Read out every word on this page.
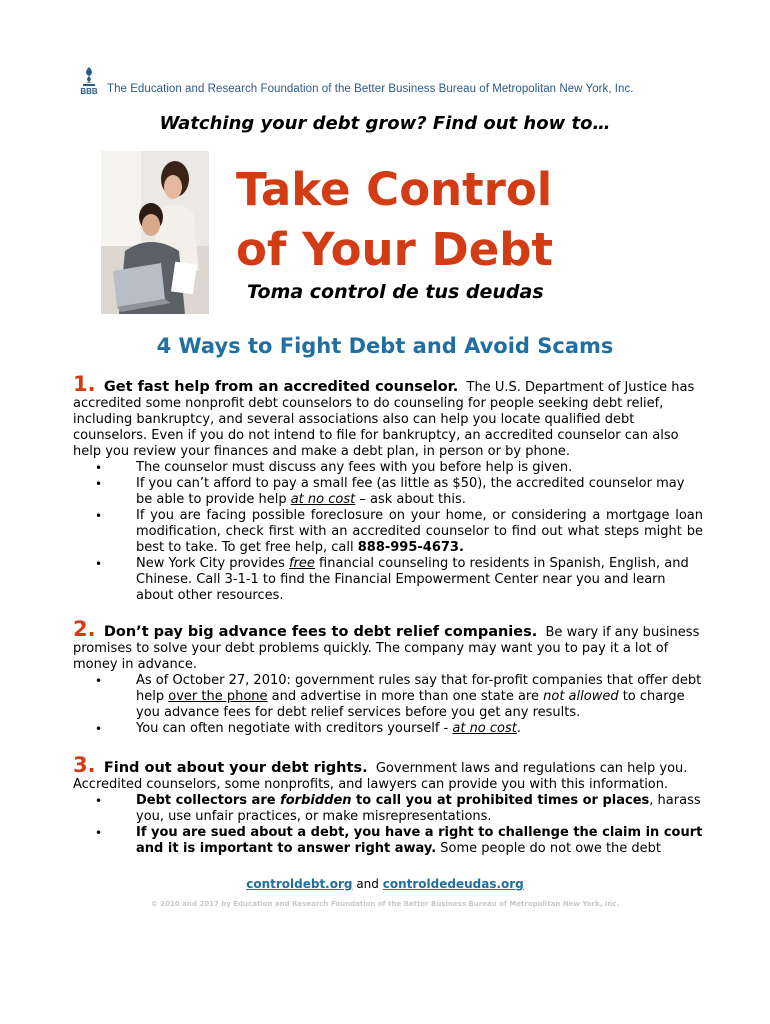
BBB The Education and Research Foundation of the Better Business Bureau of Metropolitan New York, Inc.
Watching your debt grow? Find out how to…
Take Control
of Your Debt
Toma control de tus deudas
4 Ways to Fight Debt and Avoid Scams

1. Get fast help from an accredited counselor. The U.S. Department of Justice has accredited some nonprofit debt counselors to do counseling for people seeking debt relief, including bankruptcy, and several associations also can help you locate qualified debt counselors. Even if you do not intend to file for bankruptcy, an accredited counselor can also help you review your finances and make a debt plan, in person or by phone.

• The counselor must discuss any fees with you before help is given.
• If you can’t afford to pay a small fee (as little as $50), the accredited counselor may be able to provide help at no cost – ask about this.
• If you are facing possible foreclosure on your home, or considering a mortgage loan modification, check first with an accredited counselor to find out what steps might be best to take. To get free help, call 888-995-4673.
• New York City provides free financial counseling to residents in Spanish, English, and Chinese. Call 3-1-1 to find the Financial Empowerment Center near you and learn about other resources.

2. Don’t pay big advance fees to debt relief companies. Be wary if any business promises to solve your debt problems quickly. The company may want you to pay it a lot of money in advance.

• As of October 27, 2010: government rules say that for-profit companies that offer debt help over the phone and advertise in more than one state are not allowed to charge you advance fees for debt relief services before you get any results.
• You can often negotiate with creditors yourself - at no cost.

3. Find out about your debt rights. Government laws and regulations can help you. Accredited counselors, some nonprofits, and lawyers can provide you with this information.

• Debt collectors are forbidden to call you at prohibited times or places, harass you, use unfair practices, or make misrepresentations.
• If you are sued about a debt, you have a right to challenge the claim in court and it is important to answer right away. Some people do not owe the debt
controldebt.org and controldedeudas.org
© 2010 and 2017 by Education and Research Foundation of the Better Business Bureau of Metropolitan New York, Inc.
